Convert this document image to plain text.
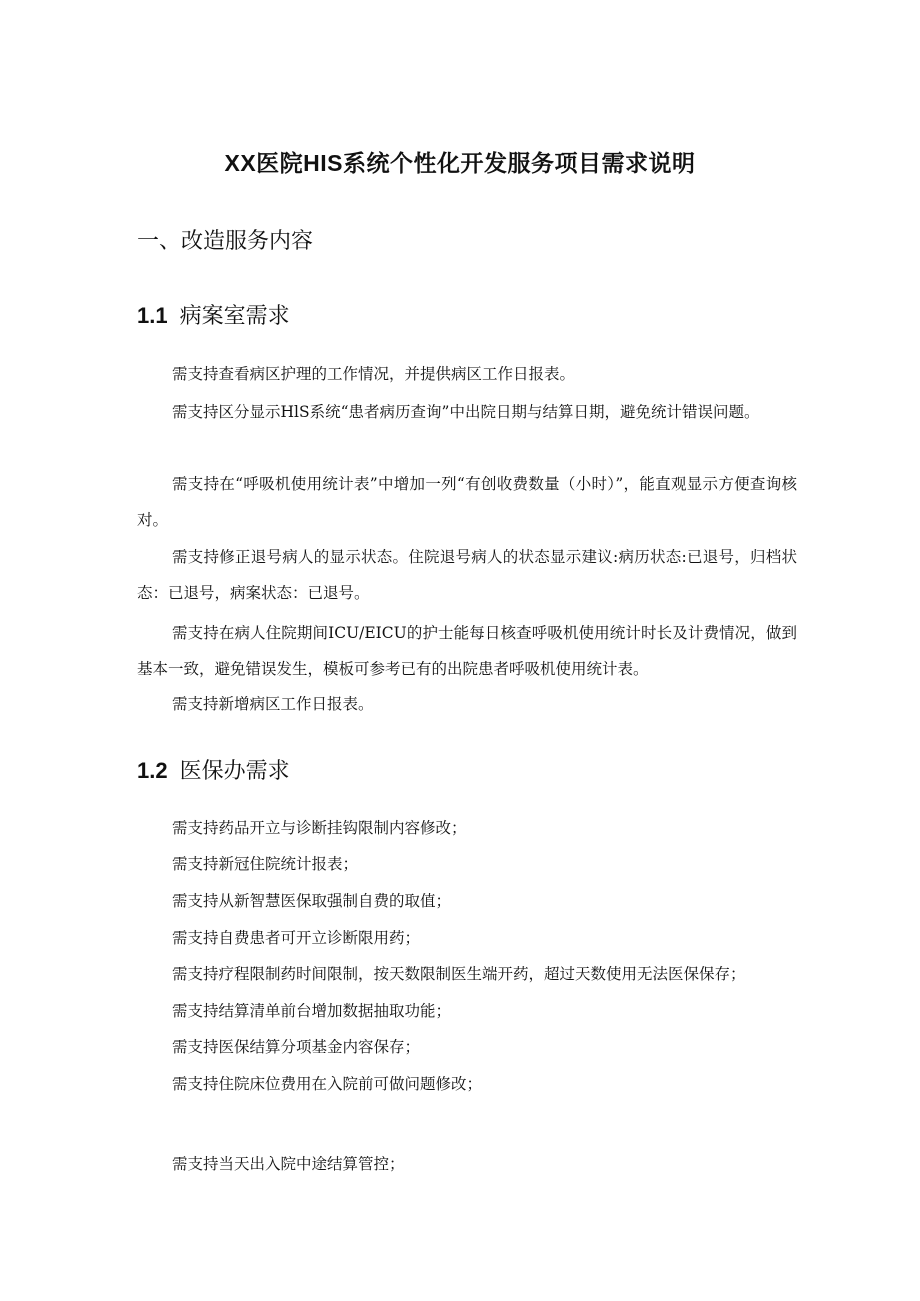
XX医院HIS系统个性化开发服务项目需求说明
一、改造服务内容
1.1 病案室需求
需支持查看病区护理的工作情况，并提供病区工作日报表。
需支持区分显示HlS系统“患者病历查询”中出院日期与结算日期，避免统计错误问题。
需支持在“呼吸机使用统计表”中增加一列“有创收费数量（小时）”，能直观显示方便查询核对。
需支持修正退号病人的显示状态。住院退号病人的状态显示建议:病历状态:已退号，归档状态：已退号，病案状态：已退号。
需支持在病人住院期间ICU/EICU的护士能每日核查呼吸机使用统计时长及计费情况，做到基本一致，避免错误发生，模板可参考已有的出院患者呼吸机使用统计表。
需支持新增病区工作日报表。
1.2 医保办需求
需支持药品开立与诊断挂钩限制内容修改；
需支持新冠住院统计报表；
需支持从新智慧医保取强制自费的取值；
需支持自费患者可开立诊断限用药；
需支持疗程限制药时间限制，按天数限制医生端开药，超过天数使用无法医保保存；
需支持结算清单前台增加数据抽取功能；
需支持医保结算分项基金内容保存；
需支持住院床位费用在入院前可做问题修改；
需支持当天出入院中途结算管控；
